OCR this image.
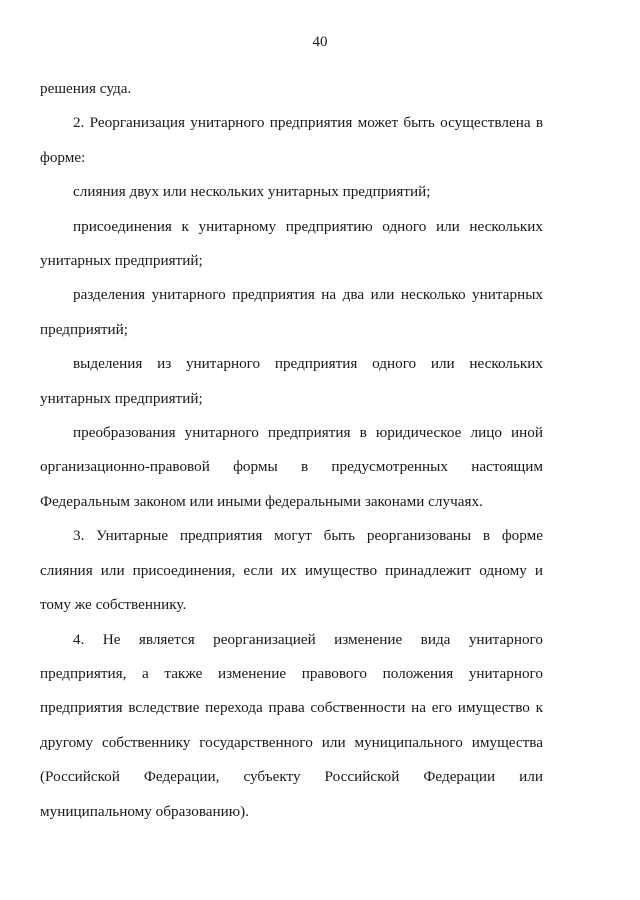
40

решения суда.

2. Реорганизация унитарного предприятия может быть осуществлена в форме:

слияния двух или нескольких унитарных предприятий;

присоединения к унитарному предприятию одного или нескольких унитарных предприятий;

разделения унитарного предприятия на два или несколько унитарных предприятий;

выделения из унитарного предприятия одного или нескольких унитарных предприятий;

преобразования унитарного предприятия в юридическое лицо иной организационно-правовой формы в предусмотренных настоящим Федеральным законом или иными федеральными законами случаях.

3. Унитарные предприятия могут быть реорганизованы в форме слияния или присоединения, если их имущество принадлежит одному и тому же собственнику.

4. Не является реорганизацией изменение вида унитарного предприятия, а также изменение правового положения унитарного предприятия вследствие перехода права собственности на его имущество к другому собственнику государственного или муниципального имущества (Российской Федерации, субъекту Российской Федерации или муниципальному образованию).
